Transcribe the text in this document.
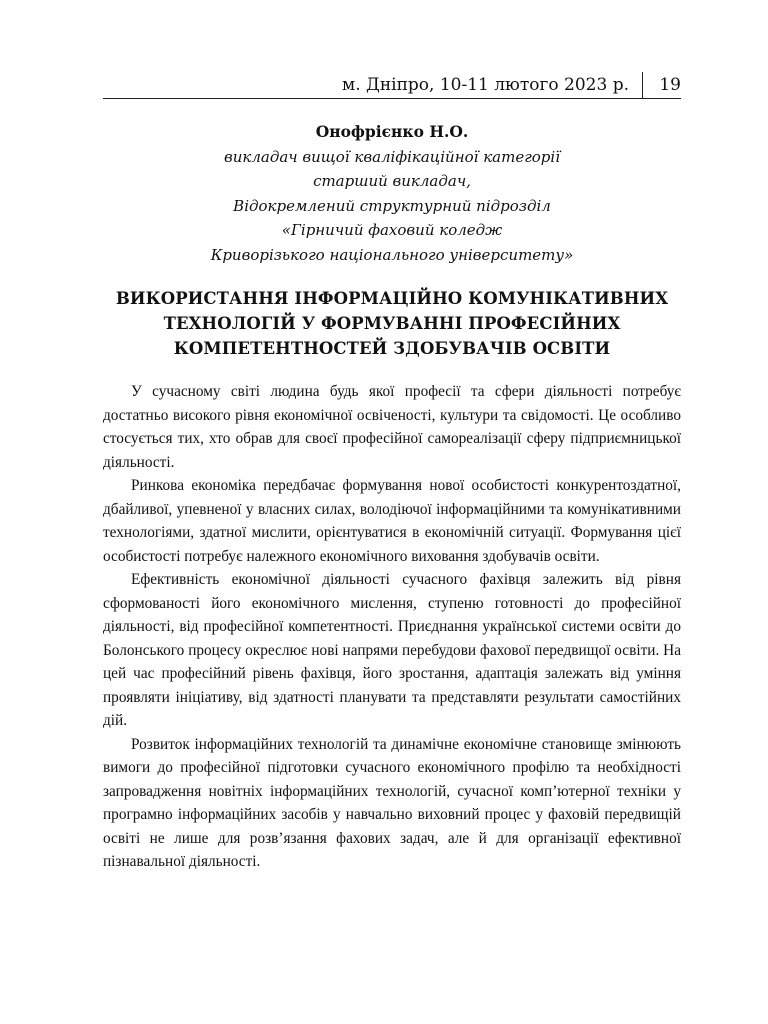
м. Дніпро, 10-11 лютого 2023 р. 19
Онофрієнко Н.О.
викладач вищої кваліфікаційної категорії
старший викладач,
Відокремлений структурний підрозділ
«Гірничий фаховий коледж
Криворізького національного університету»
ВИКОРИСТАННЯ ІНФОРМАЦІЙНО КОМУНІКАТИВНИХ
ТЕХНОЛОГІЙ У ФОРМУВАННІ ПРОФЕСІЙНИХ
КОМПЕТЕНТНОСТЕЙ ЗДОБУВАЧІВ ОСВІТИ

У сучасному світі людина будь якої професії та сфери діяльності потребує достатньо високого рівня економічної освіченості, культури та свідомості. Це особливо стосується тих, хто обрав для своєї професійної самореалізації сферу підприємницької діяльності.

Ринкова економіка передбачає формування нової особистості конкурентоздатної, дбайливої, упевненої у власних силах, володіючої інформаційними та комунікативними технологіями, здатної мислити, орієнтуватися в економічній ситуації. Формування цієї особистості потребує належного економічного виховання здобувачів освіти.

Ефективність економічної діяльності сучасного фахівця залежить від рівня сформованості його економічного мислення, ступеню готовності до професійної діяльності, від професійної компетентності. Приєднання української системи освіти до Болонського процесу окреслює нові напрями перебудови фахової передвищої освіти. На цей час професійний рівень фахівця, його зростання, адаптація залежать від уміння проявляти ініціативу, від здатності планувати та представляти результати самостійних дій.

Розвиток інформаційних технологій та динамічне економічне становище змінюють вимоги до професійної підготовки сучасного економічного профілю та необхідності запровадження новітніх інформаційних технологій, сучасної комп’ютерної техніки у програмно інформаційних засобів у навчально виховний процес у фаховій передвищій освіті не лише для розв’язання фахових задач, але й для організації ефективної пізнавальної діяльності.
